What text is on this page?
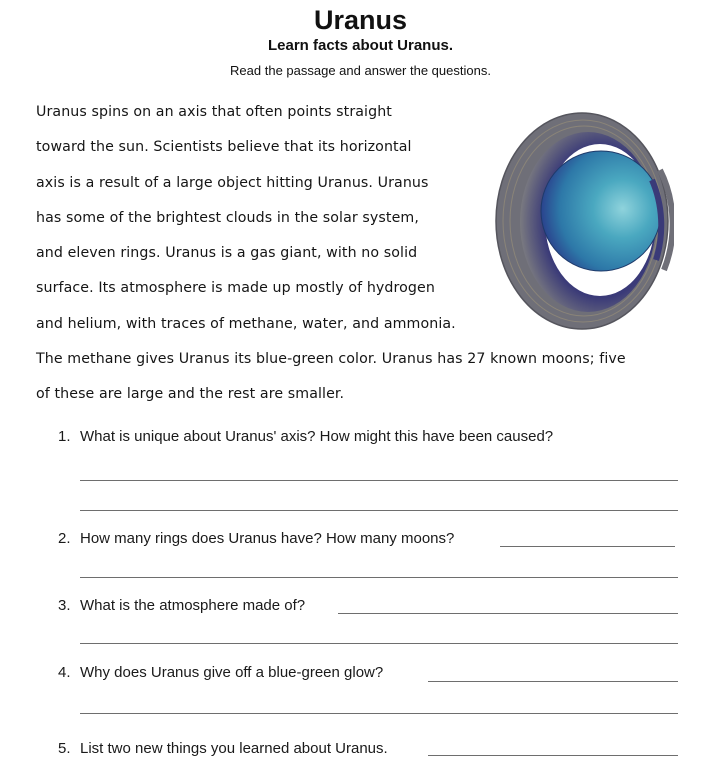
Uranus
Learn facts about Uranus.
Read the passage and answer the questions.
Uranus spins on an axis that often points straight
toward the sun. Scientists believe that its horizontal
axis is a result of a large object hitting Uranus. Uranus
has some of the brightest clouds in the solar system,
and eleven rings. Uranus is a gas giant, with no solid
surface. Its atmosphere is made up mostly of hydrogen
and helium, with traces of methane, water, and ammonia.
The methane gives Uranus its blue-green color. Uranus has 27 known moons; five
of these are large and the rest are smaller.
1. What is unique about Uranus' axis? How might this have been caused?
2. How many rings does Uranus have? How many moons?
3. What is the atmosphere made of?
4. Why does Uranus give off a blue-green glow?
5. List two new things you learned about Uranus.
